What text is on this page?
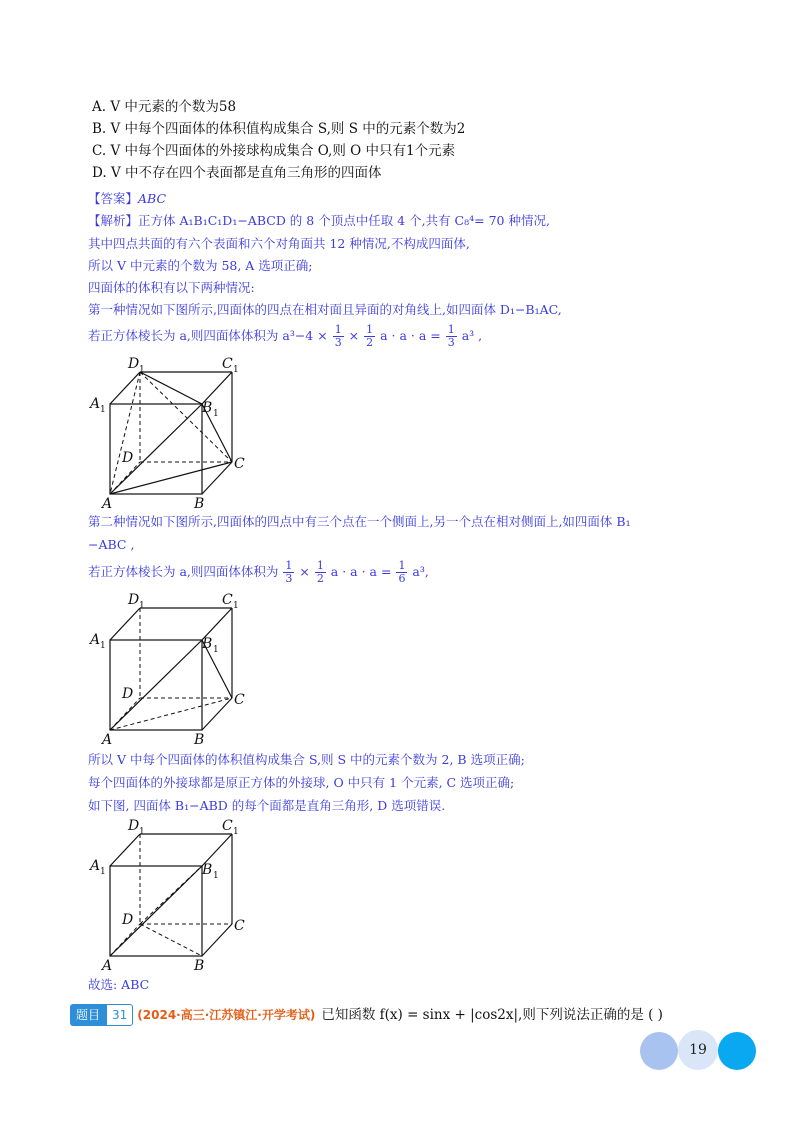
A. V 中元素的个数为58
B. V 中每个四面体的体积值构成集合 S,则 S 中的元素个数为2
C. V 中每个四面体的外接球构成集合 O,则 O 中只有1个元素
D. V 中不存在四个表面都是直角三角形的四面体
【答案】ABC
【解析】正方体 A₁B₁C₁D₁−ABCD 的 8 个顶点中任取 4 个,共有 C₈⁴= 70 种情况,
其中四点共面的有六个表面和六个对角面共 12 种情况,不构成四面体,
所以 V 中元素的个数为 58, A 选项正确;
四面体的体积有以下两种情况:
第一种情况如下图所示,四面体的四点在相对面且异面的对角线上,如四面体 D₁−B₁AC,
若正方体棱长为 a,则四面体体积为 $a^3-4 \times \frac{1}{3} \times \frac{1}{2}$ $a \cdot a \cdot a = \frac{1}{3} a^3$ ,
D 1	C 1
A 1	B 1
D	C
A	B
第二种情况如下图所示,四面体的四点中有三个点在一个侧面上,另一个点在相对侧面上,如四面体 B₁
−ABC ,
若正方体棱长为 a,则四面体体积为 $\frac{1}{3} \times \frac{1}{2}$ $a \cdot a \cdot a = \frac{1}{6} a^3$,
D 1	C 1
A 1	B 1
D	C
A	B
所以 V 中每个四面体的体积值构成集合 S,则 S 中的元素个数为 2, B 选项正确;
每个四面体的外接球都是原正方体的外接球, O 中只有 1 个元素, C 选项正确;
如下图, 四面体 B₁−ABD 的每个面都是直角三角形, D 选项错误.
D 1	C 1
A 1	B 1
D	C
A	B
故选: ABC
题目	31 (2024·高三·江苏镇江·开学考试) 已知函数 f(x) = sinx + |cos2x|,则下列说法正确的是 ( )
19
